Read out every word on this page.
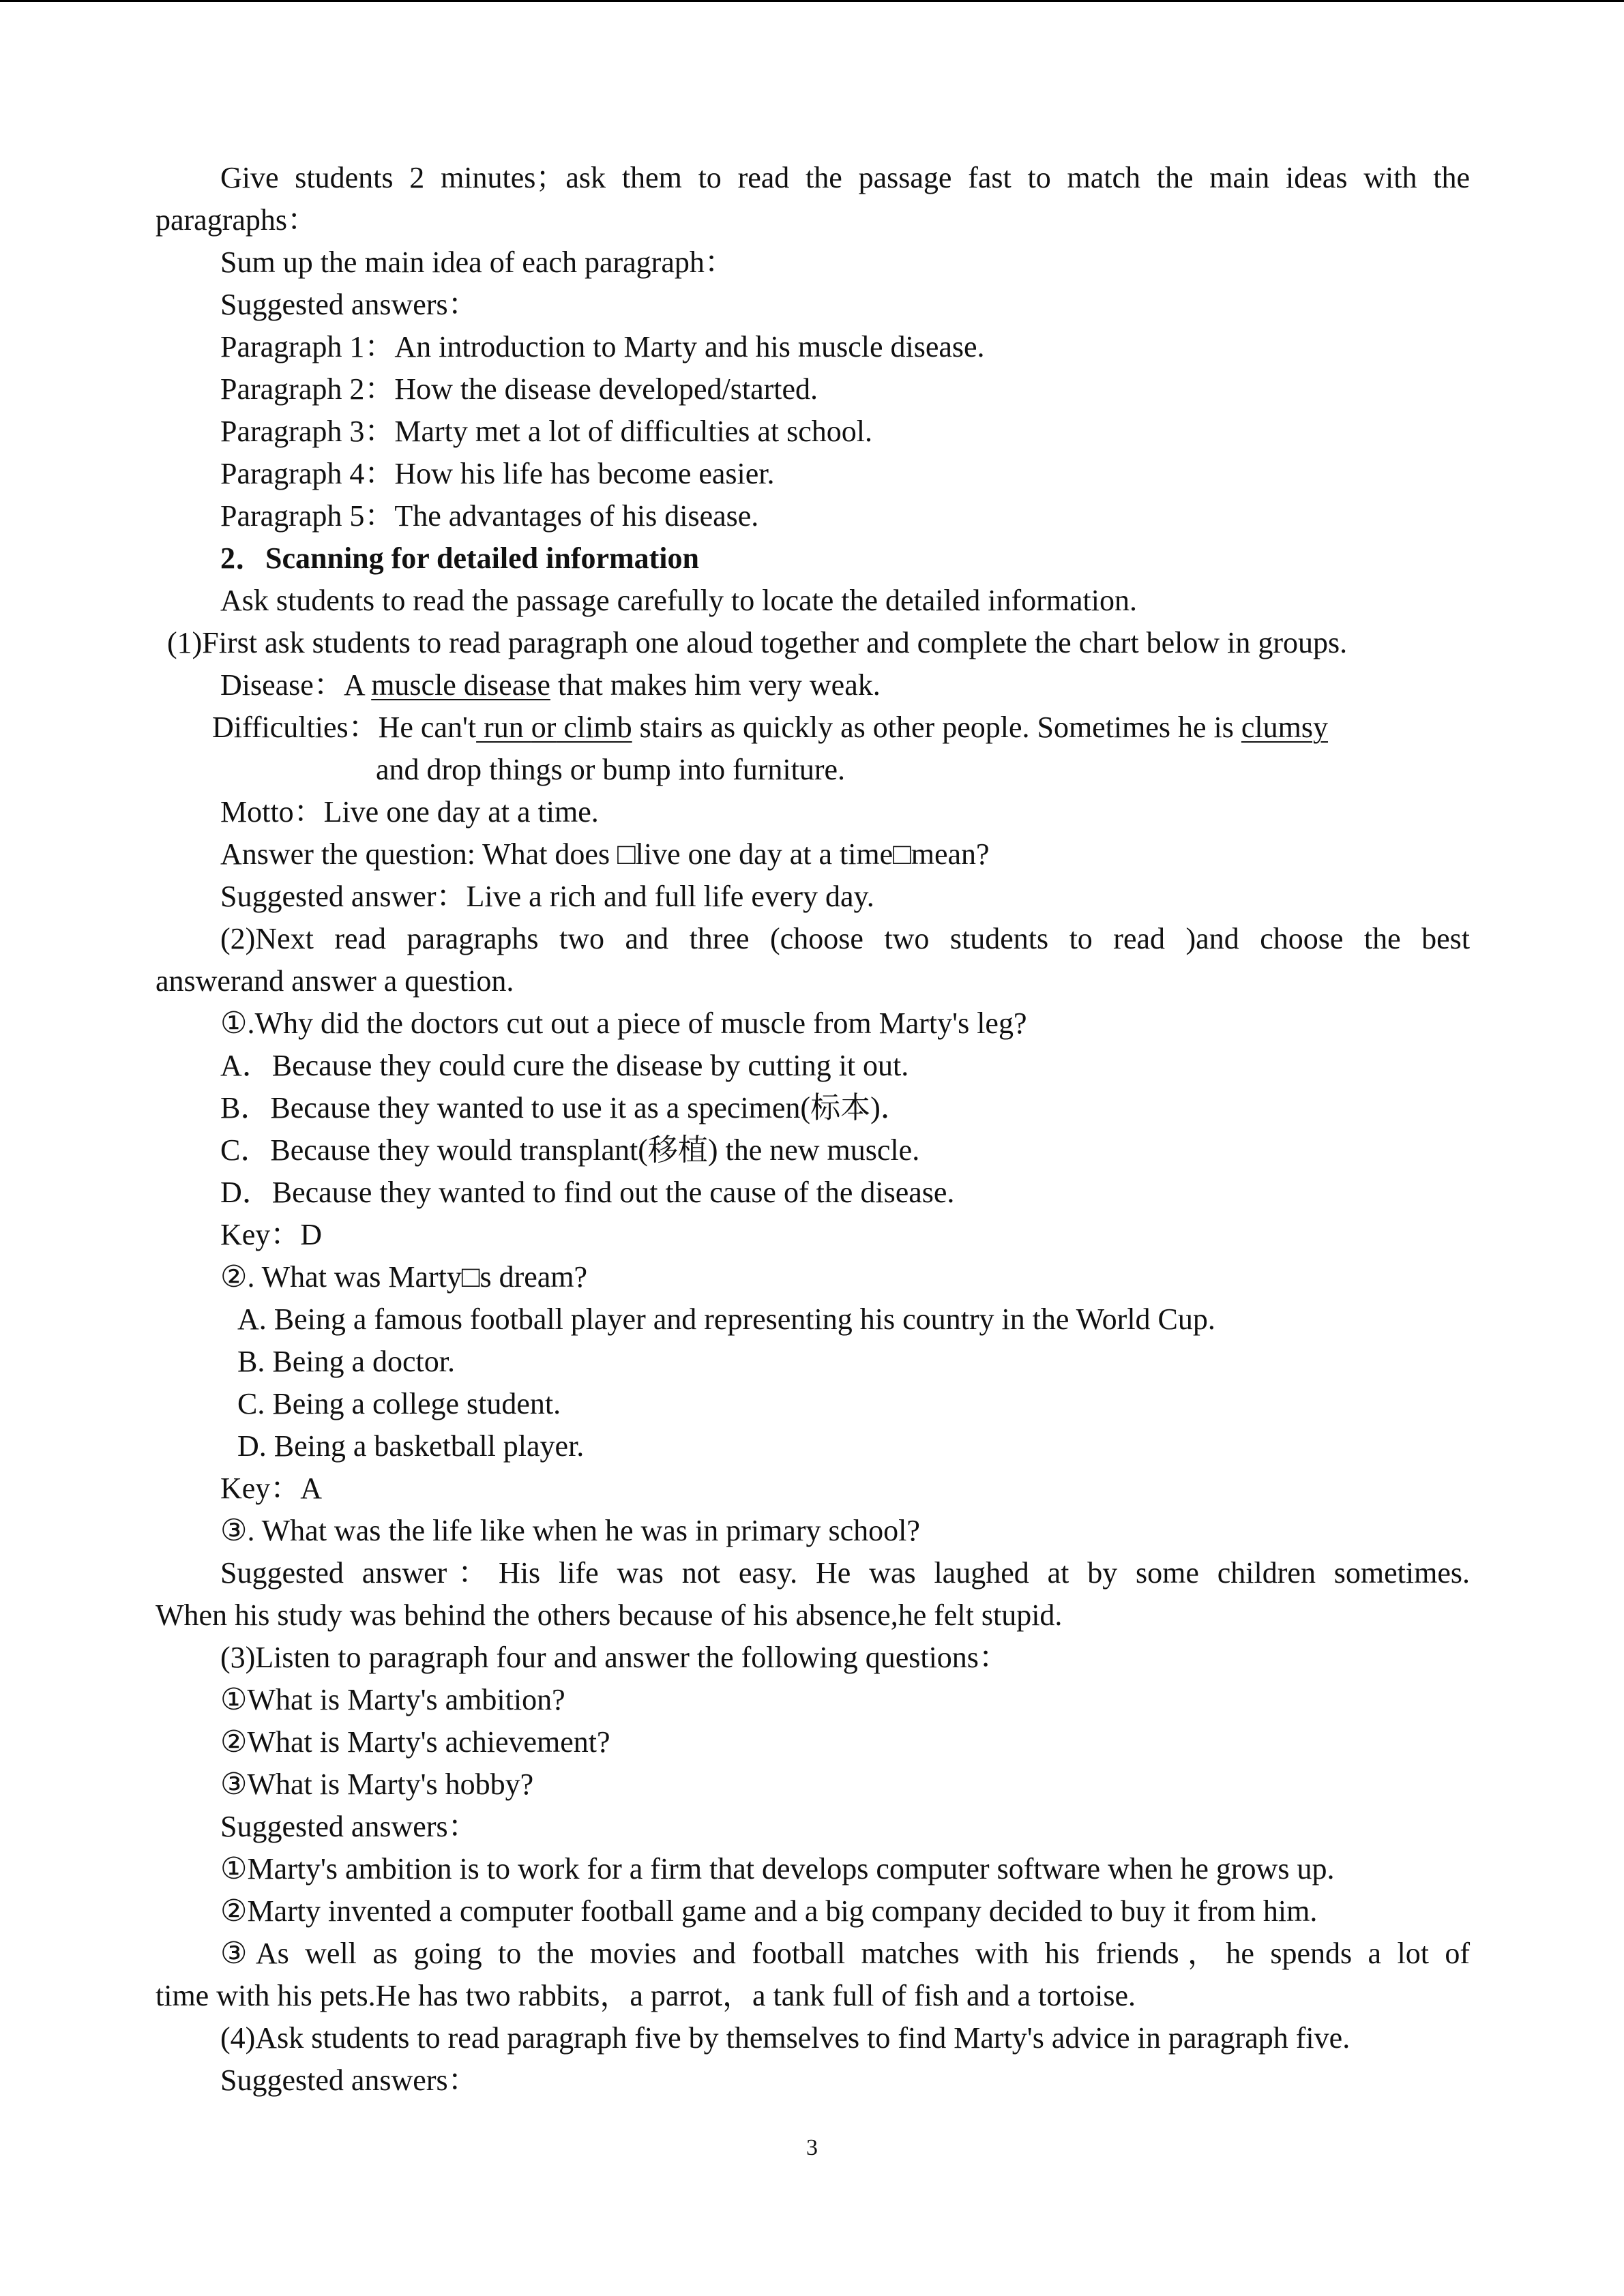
Give students 2 minutes；ask them to read the passage fast to match the main ideas with the

paragraphs：

Sum up the main idea of each paragraph：

Suggested answers：

Paragraph 1：An introduction to Marty and his muscle disease.

Paragraph 2：How the disease developed/started.

Paragraph 3：Marty met a lot of difficulties at school.

Paragraph 4：How his life has become easier.

Paragraph 5：The advantages of his disease.

2．Scanning for detailed information

Ask students to read the passage carefully to locate the detailed information.

(1)First ask students to read paragraph one aloud together and complete the chart below in groups.

Disease：A muscle disease that makes him very weak.

Difficulties：He can't run or climb stairs as quickly as other people. Sometimes he is clumsy

and drop things or bump into furniture.

Motto：Live one day at a time.

Answer the question: What does □live one day at a time□mean?

Suggested answer：Live a rich and full life every day.

(2)Next read paragraphs two and three (choose two students to read )and choose the best

answerand answer a question.

①.Why did the doctors cut out a piece of muscle from Marty's leg?

A．Because they could cure the disease by cutting it out.

B．Because they wanted to use it as a specimen(标本)．

C．Because they would transplant(移植) the new muscle.

D．Because they wanted to find out the cause of the disease.

Key：D

②. What was Marty□s dream?

A. Being a famous football player and representing his country in the World Cup.

B. Being a doctor.

C. Being a college student.

D. Being a basketball player.

Key：A

③. What was the life like when he was in primary school?

Suggested answer：His life was not easy. He was laughed at by some children sometimes.

When his study was behind the others because of his absence,he felt stupid.

(3)Listen to paragraph four and answer the following questions：

①What is Marty's ambition?

②What is Marty's achievement?

③What is Marty's hobby?

Suggested answers：

①Marty's ambition is to work for a firm that develops computer software when he grows up.

②Marty invented a computer football game and a big company decided to buy it from him.

③As well as going to the movies and football matches with his friends，he spends a lot of

time with his pets.He has two rabbits，a parrot，a tank full of fish and a tortoise.

(4)Ask students to read paragraph five by themselves to find Marty's advice in paragraph five.

Suggested answers：

3
